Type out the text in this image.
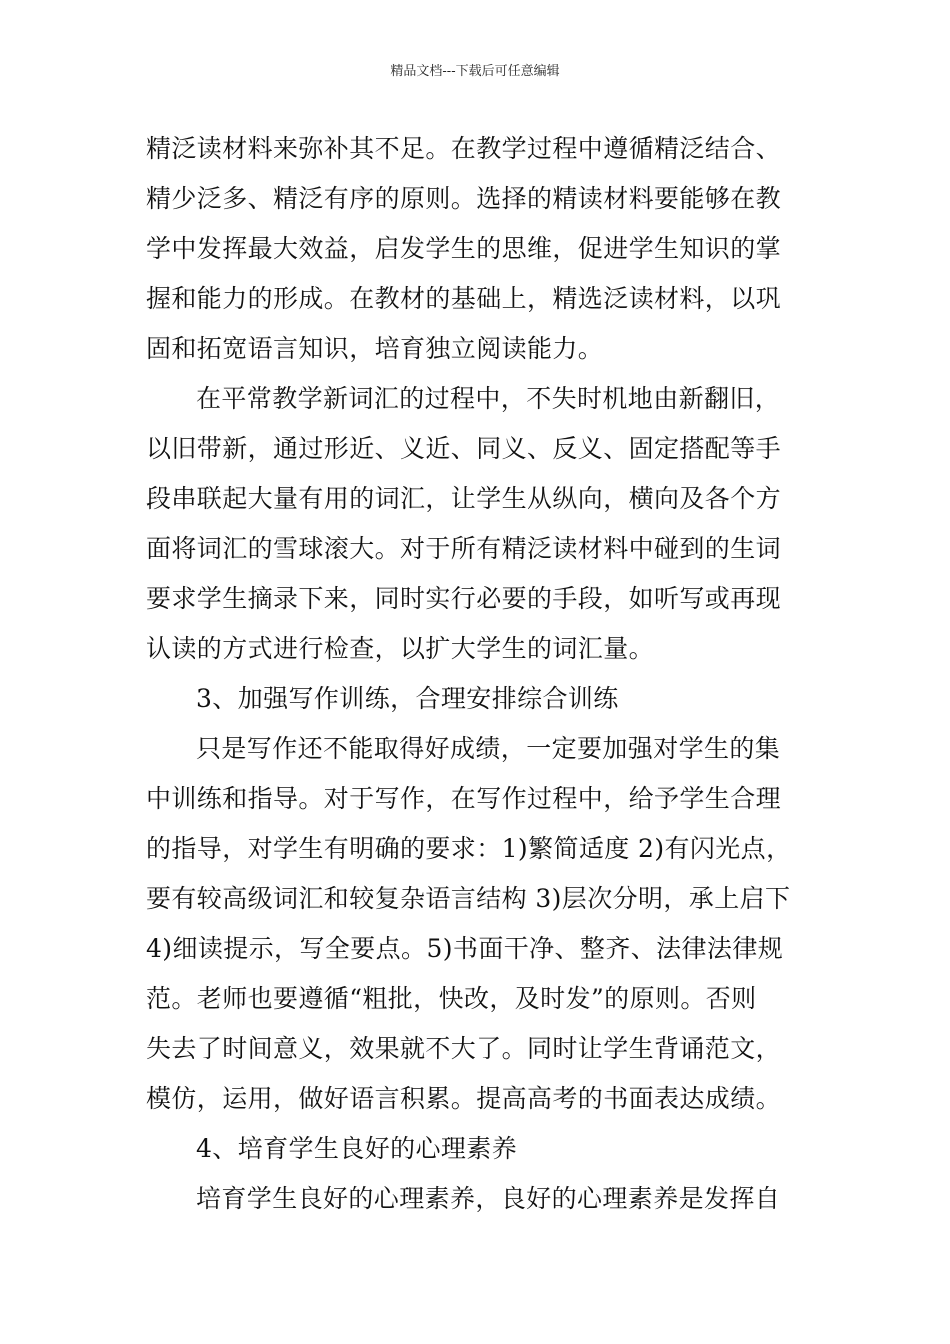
精品文档---下载后可任意编辑
精泛读材料来弥补其不足。在教学过程中遵循精泛结合、
精少泛多、精泛有序的原则。选择的精读材料要能够在教
学中发挥最大效益，启发学生的思维，促进学生知识的掌
握和能力的形成。在教材的基础上，精选泛读材料，以巩
固和拓宽语言知识，培育独立阅读能力。
在平常教学新词汇的过程中，不失时机地由新翻旧，
以旧带新，通过形近、义近、同义、反义、固定搭配等手
段串联起大量有用的词汇，让学生从纵向，横向及各个方
面将词汇的雪球滚大。对于所有精泛读材料中碰到的生词
要求学生摘录下来，同时实行必要的手段，如听写或再现
认读的方式进行检查，以扩大学生的词汇量。
3、加强写作训练，合理安排综合训练
只是写作还不能取得好成绩，一定要加强对学生的集
中训练和指导。对于写作，在写作过程中，给予学生合理
的指导，对学生有明确的要求：1)繁简适度 2)有闪光点，
要有较高级词汇和较复杂语言结构 3)层次分明，承上启下
4)细读提示，写全要点。5)书面干净、整齐、法律法律规
范。老师也要遵循“粗批，快改，及时发”的原则。否则
失去了时间意义，效果就不大了。同时让学生背诵范文，
模仿，运用，做好语言积累。提高高考的书面表达成绩。
4、培育学生良好的心理素养
培育学生良好的心理素养，良好的心理素养是发挥自
